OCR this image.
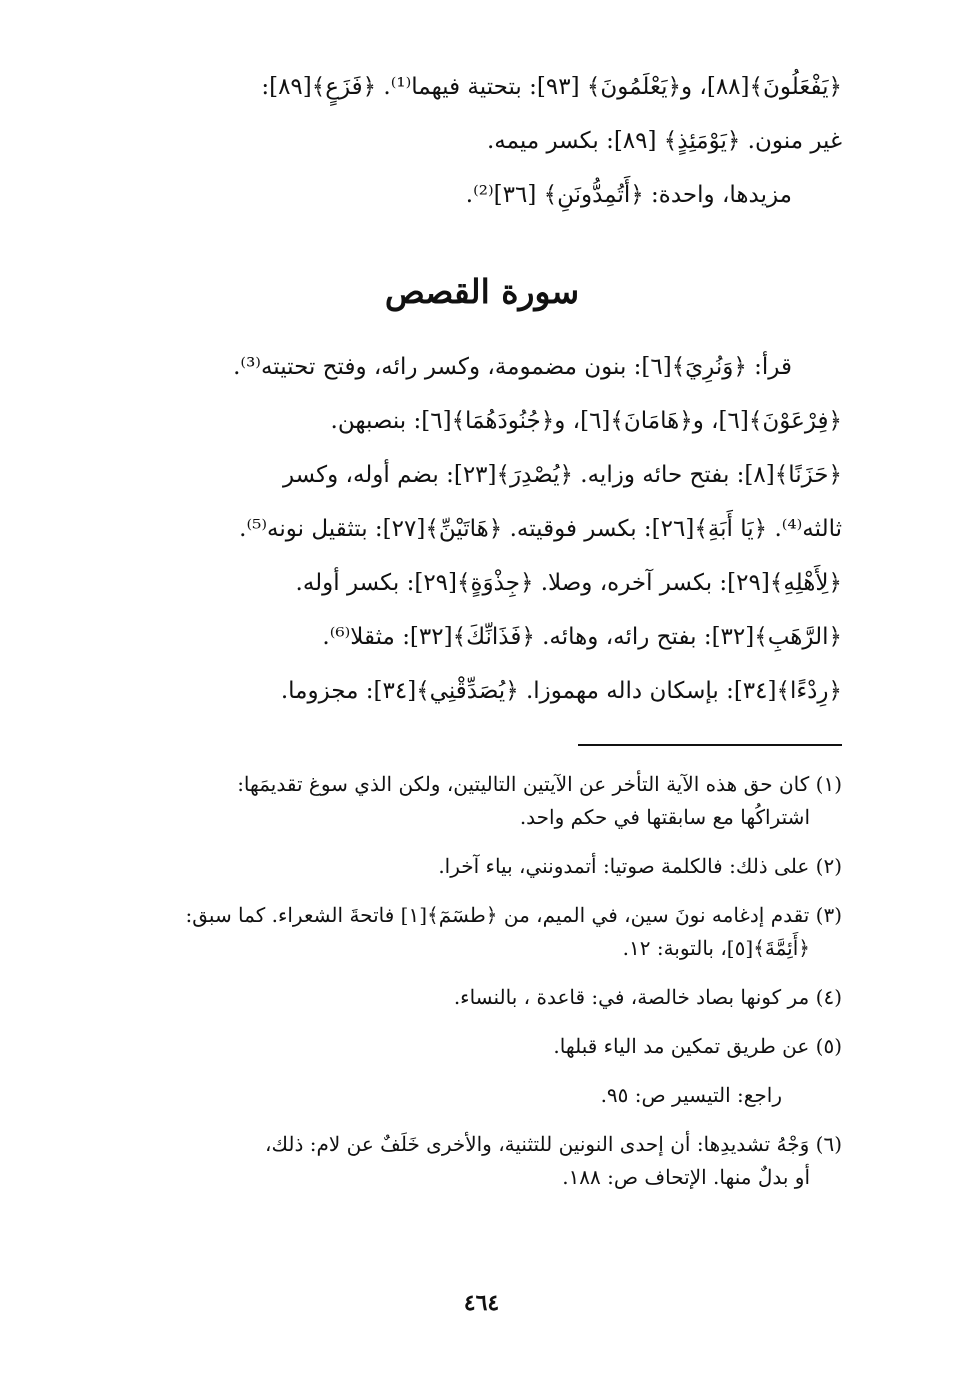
﴿يَفْعَلُونَ﴾[٨٨]، و﴿يَعْلَمُونَ﴾ [٩٣]: بتحتية فيهما⁽¹⁾. ﴿فَزَعٍ﴾[٨٩]:

غير منون. ﴿يَوْمَئِذٍ﴾ [٨٩]: بكسر ميمه.

مزيدها، واحدة: ﴿أَتُمِدُّونَنِ﴾ [٣٦]⁽²⁾.

سورة القصص

قرأ: ﴿وَنُرِيَ﴾[٦]: بنون مضمومة، وكسر رائه، وفتح تحتيته⁽³⁾.

﴿فِرْعَوْنَ﴾[٦]، و﴿هَامَانَ﴾[٦]، و﴿جُنُودَهُمَا﴾[٦]: بنصبهن.

﴿حَزَنًا﴾[٨]: بفتح حائه وزايه. ﴿يُصْدِرَ﴾[٢٣]: بضم أوله، وكسر

ثالثه⁽⁴⁾. ﴿يَا أَبَةِ﴾[٢٦]: بكسر فوقيته. ﴿هَاتَيْنِّ﴾[٢٧]: بتثقيل نونه⁽⁵⁾.

﴿لِأَهْلِهِ﴾[٢٩]: بكسر آخره، وصلا. ﴿جِذْوَةٍ﴾[٢٩]: بكسر أوله.

﴿الرَّهَبِ﴾[٣٢]: بفتح رائه، وهائه. ﴿فَذَانِّكَ﴾[٣٢]: مثقلا⁽⁶⁾.

﴿رِدْءًا﴾[٣٤]: بإسكان داله مهموزا. ﴿يُصَدِّقْنِي﴾[٣٤]: مجزوما.

(١) كان حق هذه الآية التأخر عن الآيتين التاليتين، ولكن الذي سوغ تقديمَها:
اشتراكُها مع سابقتها في حكم واحد.
(٢) على ذلك: فالكلمة صوتيا: أتمدونني، بياء آخرا.
(٣) تقدم إدغامه نونَ سين، في الميم، من ﴿طسٓمٓ﴾[١] فاتحةَ الشعراء. كما سبق:
﴿أَئِمَّةَ﴾[٥]، بالتوبة: ١٢.
(٤) مر كونها بصاد خالصة، في: قاعدة ، بالنساء.
(٥) عن طريق تمكين مد الياء قبلها.
راجع: التيسير ص: ٩٥.
(٦) وَجْهُ تشديدِها: أن إحدى النونين للتثنية، والأخرى خَلَفٌ عن لام: ذلك،
أو بدلٌ منها. الإتحاف ص: ١٨٨.
٤٦٤
